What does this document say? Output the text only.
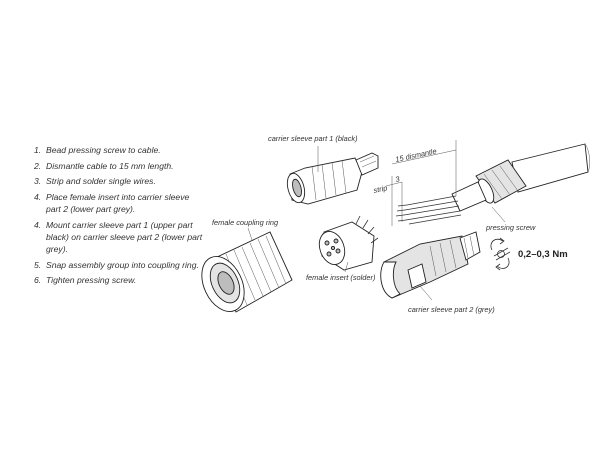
1. Bead pressing screw to cable.
2. Dismantle cable to 15 mm length.
3. Strip and solder single wires.
4. Place female insert into carrier sleeve part 2 (lower part grey).
4. Mount carrier sleeve part 1 (upper part black) on carrier sleeve part 2 (lower part grey).
5. Snap assembly group into coupling ring.
6. Tighten pressing screw.
carrier sleeve part 1 (black)
15 dismantle
3
strip
pressing screw
0,2–0,3 Nm
female coupling ring
female insert (solder)
carrier sleeve part 2 (grey)
